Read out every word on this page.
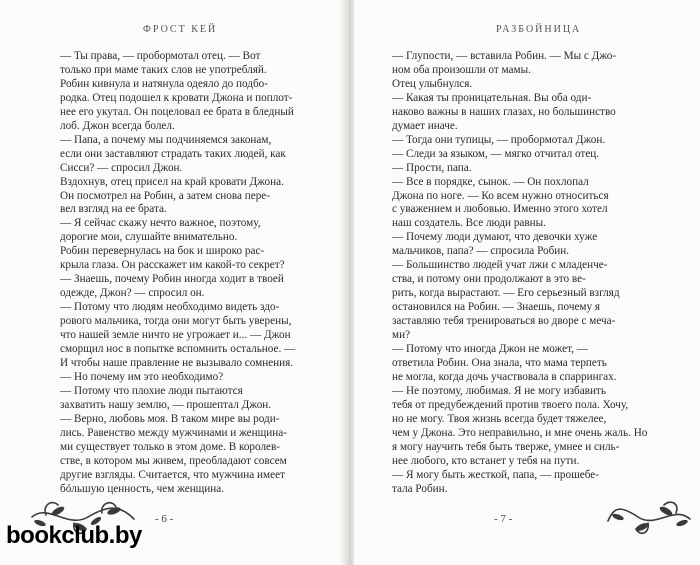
ФРОСТ КЕЙ
— Ты права, — пробормотал отец. — Вот
только при маме таких слов не употребляй.
Робин кивнула и натянула одеяло до подбо-
родка. Отец подошел к кровати Джона и поплот-
нее его укутал. Он поцеловал ее брата в бледный
лоб. Джон всегда болел.
— Папа, а почему мы подчиняемся законам,
если они заставляют страдать таких людей, как
Сисси? — спросил Джон.
Вздохнув, отец присел на край кровати Джона.
Он посмотрел на Робин, а затем снова пере-
вел взгляд на ее брата.
— Я сейчас скажу нечто важное, поэтому,
дорогие мои, слушайте внимательно.
Робин перевернулась на бок и широко рас-
крыла глаза. Он расскажет им какой-то секрет?
— Знаешь, почему Робин иногда ходит в твоей
одежде, Джон? — спросил он.
— Потому что людям необходимо видеть здо-
рового мальчика, тогда они могут быть уверены,
что нашей земле ничто не угрожает и... — Джон
сморщил нос в попытке вспомнить остальное. —
И чтобы наше правление не вызывало сомнения.
— Но почему им это необходимо?
— Потому что плохие люди пытаются
захватить нашу землю, — прошептал Джон.
— Верно, любовь моя. В таком мире вы роди-
лись. Равенство между мужчинами и женщина-
ми существует только в этом доме. В королев-
стве, в котором мы живем, преобладают совсем
другие взгляды. Считается, что мужчина имеет
бóльшую ценность, чем женщина.
- 6 -
РАЗБОЙНИЦА
— Глупости, — вставила Робин. — Мы с Джо-
ном оба произошли от мамы.
Отец улыбнулся.
— Какая ты проницательная. Вы оба оди-
наково важны в наших глазах, но большинство
думает иначе.
— Тогда они тупицы, — пробормотал Джон.
— Следи за языком, — мягко отчитал отец.
— Прости, папа.
— Все в порядке, сынок. — Он похлопал
Джона по ноге. — Ко всем нужно относиться
с уважением и любовью. Именно этого хотел
наш создатель. Все люди равны.
— Почему люди думают, что девочки хуже
мальчиков, папа? — спросила Робин.
— Большинство людей учат лжи с младенче-
ства, и потому они продолжают в это ве-
рить, когда вырастают. — Его серьезный взгляд
остановился на Робин. — Знаешь, почему я
заставляю тебя тренироваться во дворе с меча-
ми?
— Потому что иногда Джон не может, —
ответила Робин. Она знала, что мама терпеть
не могла, когда дочь участвовала в спаррингах.
— Не поэтому, любимая. Я не могу избавить
тебя от предубеждений против твоего пола. Хочу,
но не могу. Твоя жизнь всегда будет тяжелее,
чем у Джона. Это неправильно, и мне очень жаль. Но
я могу научить тебя быть тверже, умнее и силь-
нее любого, кто встанет у тебя на пути.
— Я могу быть жесткой, папа, — прошебе-
тала Робин.
- 7 -
bookclub.by
